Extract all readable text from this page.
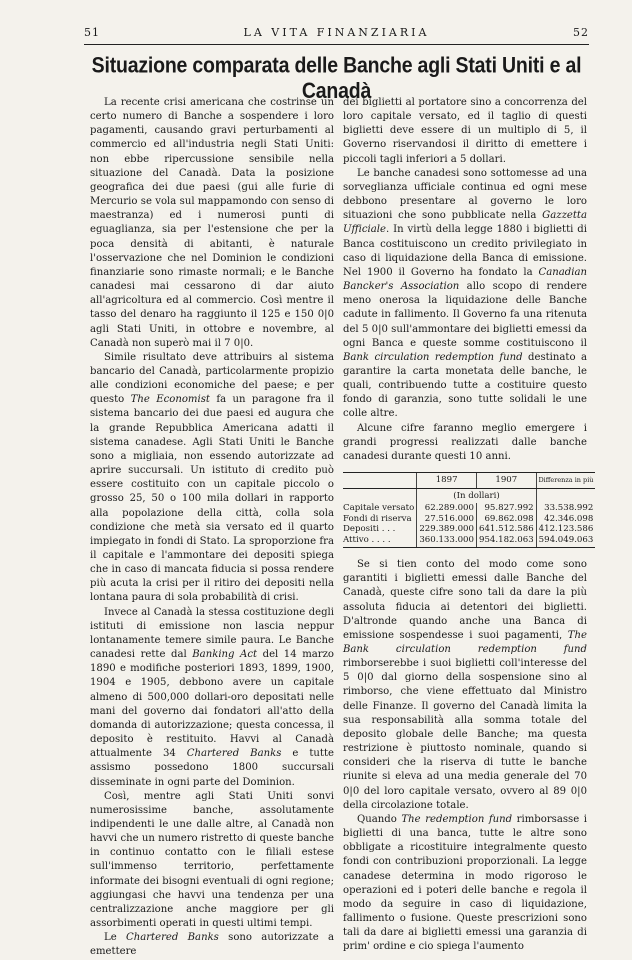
51	LA VITA FINANZIARIA	52
Situazione comparata delle Banche agli Stati Uniti e al Canadà

La recente crisi americana che costrinse un certo numero di Banche a sospendere i loro pagamenti, causando gravi perturbamenti al commercio ed all'industria negli Stati Uniti: non ebbe ripercussione sensibile nella situazione del Canadà. Data la posizione geografica dei due paesi (gui alle furie di Mercurio se vola sul mappamondo con senso di maestranza) ed i numerosi punti di eguaglianza, sia per l'estensione che per la poca densità di abitanti, è naturale l'osservazione che nel Dominion le condizioni finanziarie sono rimaste normali; e le Banche canadesi mai cessarono di dar aiuto all'agricoltura ed al commercio. Così mentre il tasso del denaro ha raggiunto il 125 e 150 0|0 agli Stati Uniti, in ottobre e novembre, al Canadà non superò mai il 7 0|0.

Simile risultato deve attribuirs al sistema bancario del Canadà, particolarmente propizio alle condizioni economiche del paese; e per questo The Economist fa un paragone fra il sistema bancario dei due paesi ed augura che la grande Repubblica Americana adatti il sistema canadese. Agli Stati Uniti le Banche sono a migliaia, non essendo autorizzate ad aprire succursali. Un istituto di credito può essere costituito con un capitale piccolo o grosso 25, 50 o 100 mila dollari in rapporto alla popolazione della città, colla sola condizione che metà sia versato ed il quarto impiegato in fondi di Stato. La sproporzione fra il capitale e l'ammontare dei depositi spiega che in caso di mancata fiducia si possa rendere più acuta la crisi per il ritiro dei depositi nella lontana paura di sola probabilità di crisi.

Invece al Canadà la stessa costituzione degli istituti di emissione non lascia neppur lontanamente temere simile paura. Le Banche canadesi rette dal Banking Act del 14 marzo 1890 e modifiche posteriori 1893, 1899, 1900, 1904 e 1905, debbono avere un capitale almeno di 500,000 dollari-oro depositati nelle mani del governo dai fondatori all'atto della domanda di autorizzazione; questa concessa, il deposito è restituito. Havvi al Canadà attualmente 34 Chartered Banks e tutte assismo possedono 1800 succursali disseminate in ogni parte del Dominion.

Così, mentre agli Stati Uniti sonvi numerosissime banche, assolutamente indipendenti le une dalle altre, al Canadà non havvi che un numero ristretto di queste banche in continuo contatto con le filiali estese sull'immenso territorio, perfettamente informate dei bisogni eventuali di ogni regione; aggiungasi che havvi una tendenza per una centralizzazione anche maggiore per gli assorbimenti operati in questi ultimi tempi.

Le Chartered Banks sono autorizzate a emettere

dei biglietti al portatore sino a concorrenza del loro capitale versato, ed il taglio di questi biglietti deve essere di un multiplo di 5, il Governo riservandosi il diritto di emettere i piccoli tagli inferiori a 5 dollari.

Le banche canadesi sono sottomesse ad una sorveglianza ufficiale continua ed ogni mese debbono presentare al governo le loro situazioni che sono pubblicate nella Gazzetta Ufficiale. In virtù della legge 1880 i biglietti di Banca costituiscono un credito privilegiato in caso di liquidazione della Banca di emissione. Nel 1900 il Governo ha fondato la Canadian Bancker's Association allo scopo di rendere meno onerosa la liquidazione delle Banche cadute in fallimento. Il Governo fa una ritenuta del 5 0|0 sull'ammontare dei biglietti emessi da ogni Banca e queste somme costituiscono il Bank circulation redemption fund destinato a garantire la carta monetata delle banche, le quali, contribuendo tutte a costituire questo fondo di garanzia, sono tutte solidali le une colle altre.

Alcune cifre faranno meglio emergere i grandi progressi realizzati dalle banche canadesi durante questi 10 anni.

	1897	1907	Differenza in più
	(In dollari)		
Capitale versato	62.289.000	95.827.992	33.538.992
Fondi di riserva	27.516.000	69.862.098	42.346.098
Depositi . . .	229.389.000	641.512.586	412.123.586
Attivo . . . .	360.133.000	954.182.063	594.049.063

Se si tien conto del modo come sono garantiti i biglietti emessi dalle Banche del Canadà, queste cifre sono tali da dare la più assoluta fiducia ai detentori dei biglietti. D'altronde quando anche una Banca di emissione sospendesse i suoi pagamenti, The Bank circulation redemption fund rimborserebbe i suoi biglietti coll'interesse del 5 0|0 dal giorno della sospensione sino al rimborso, che viene effettuato dal Ministro delle Finanze. Il governo del Canadà limita la sua responsabilità alla somma totale del deposito globale delle Banche; ma questa restrizione è piuttosto nominale, quando si consideri che la riserva di tutte le banche riunite si eleva ad una media generale del 70 0|0 del loro capitale versato, ovvero al 89 0|0 della circolazione totale.

Quando The redemption fund rimborsasse i biglietti di una banca, tutte le altre sono obbligate a ricostituire integralmente questo fondi con contribuzioni proporzionali. La legge canadese determina in modo rigoroso le operazioni ed i poteri delle banche e regola il modo da seguire in caso di liquidazione, fallimento o fusione. Queste prescrizioni sono tali da dare ai biglietti emessi una garanzia di prim' ordine e cio spiega l'aumento
